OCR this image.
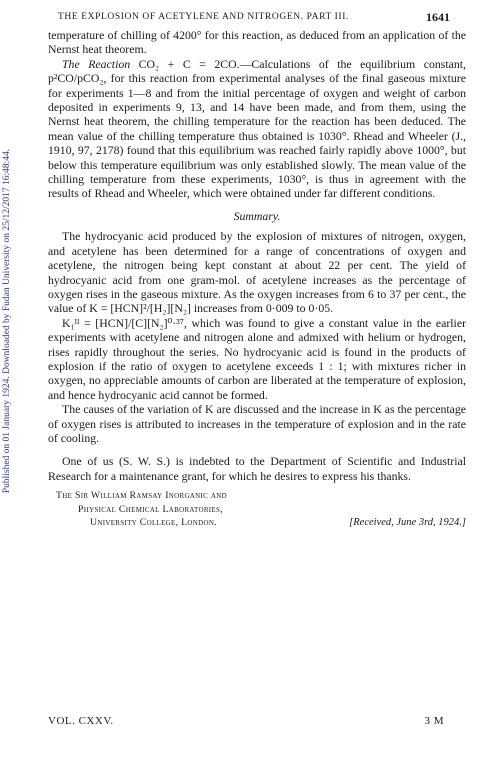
THE EXPLOSION OF ACETYLENE AND NITROGEN. PART III.	1641
Published on 01 January 1924. Downloaded by Fudan University on 25/12/2017 16:48:44.

temperature of chilling of 4200° for this reaction, as deduced from an application of the Nernst heat theorem.

The Reaction CO₂ + C = 2CO.—Calculations of the equilibrium constant, p²CO/pCO₂, for this reaction from experimental analyses of the final gaseous mixture for experiments 1—8 and from the initial percentage of oxygen and weight of carbon deposited in experiments 9, 13, and 14 have been made, and from them, using the Nernst heat theorem, the chilling temperature for the reaction has been deduced. The mean value of the chilling temperature thus obtained is 1030°. Rhead and Wheeler (J., 1910, 97, 2178) found that this equilibrium was reached fairly rapidly above 1000°, but below this temperature equilibrium was only established slowly. The mean value of the chilling temperature from these experiments, 1030°, is thus in agreement with the results of Rhead and Wheeler, which were obtained under far different conditions.

Summary.

The hydrocyanic acid produced by the explosion of mixtures of nitrogen, oxygen, and acetylene has been determined for a range of concentrations of oxygen and acetylene, the nitrogen being kept constant at about 22 per cent. The yield of hydrocyanic acid from one gram-mol. of acetylene increases as the percentage of oxygen rises in the gaseous mixture. As the oxygen increases from 6 to 37 per cent., the value of K = [HCN]²/[H₂][N₂] increases from 0·009 to 0·05.

K₁ᴵᴵ = [HCN]/[C][N₂]⁰·³⁷, which was found to give a constant value in the earlier experiments with acetylene and nitrogen alone and admixed with helium or hydrogen, rises rapidly throughout the series. No hydrocyanic acid is found in the products of explosion if the ratio of oxygen to acetylene exceeds 1 : 1; with mixtures richer in oxygen, no appreciable amounts of carbon are liberated at the temperature of explosion, and hence hydrocyanic acid cannot be formed.

The causes of the variation of K are discussed and the increase in K as the percentage of oxygen rises is attributed to increases in the temperature of explosion and in the rate of cooling.

One of us (S. W. S.) is indebted to the Department of Scientific and Industrial Research for a maintenance grant, for which he desires to express his thanks.

The Sir William Ramsay Inorganic and
Physical Chemical Laboratories,
University College, London.	[Received, June 3rd, 1924.]
VOL. CXXV.	3 M
